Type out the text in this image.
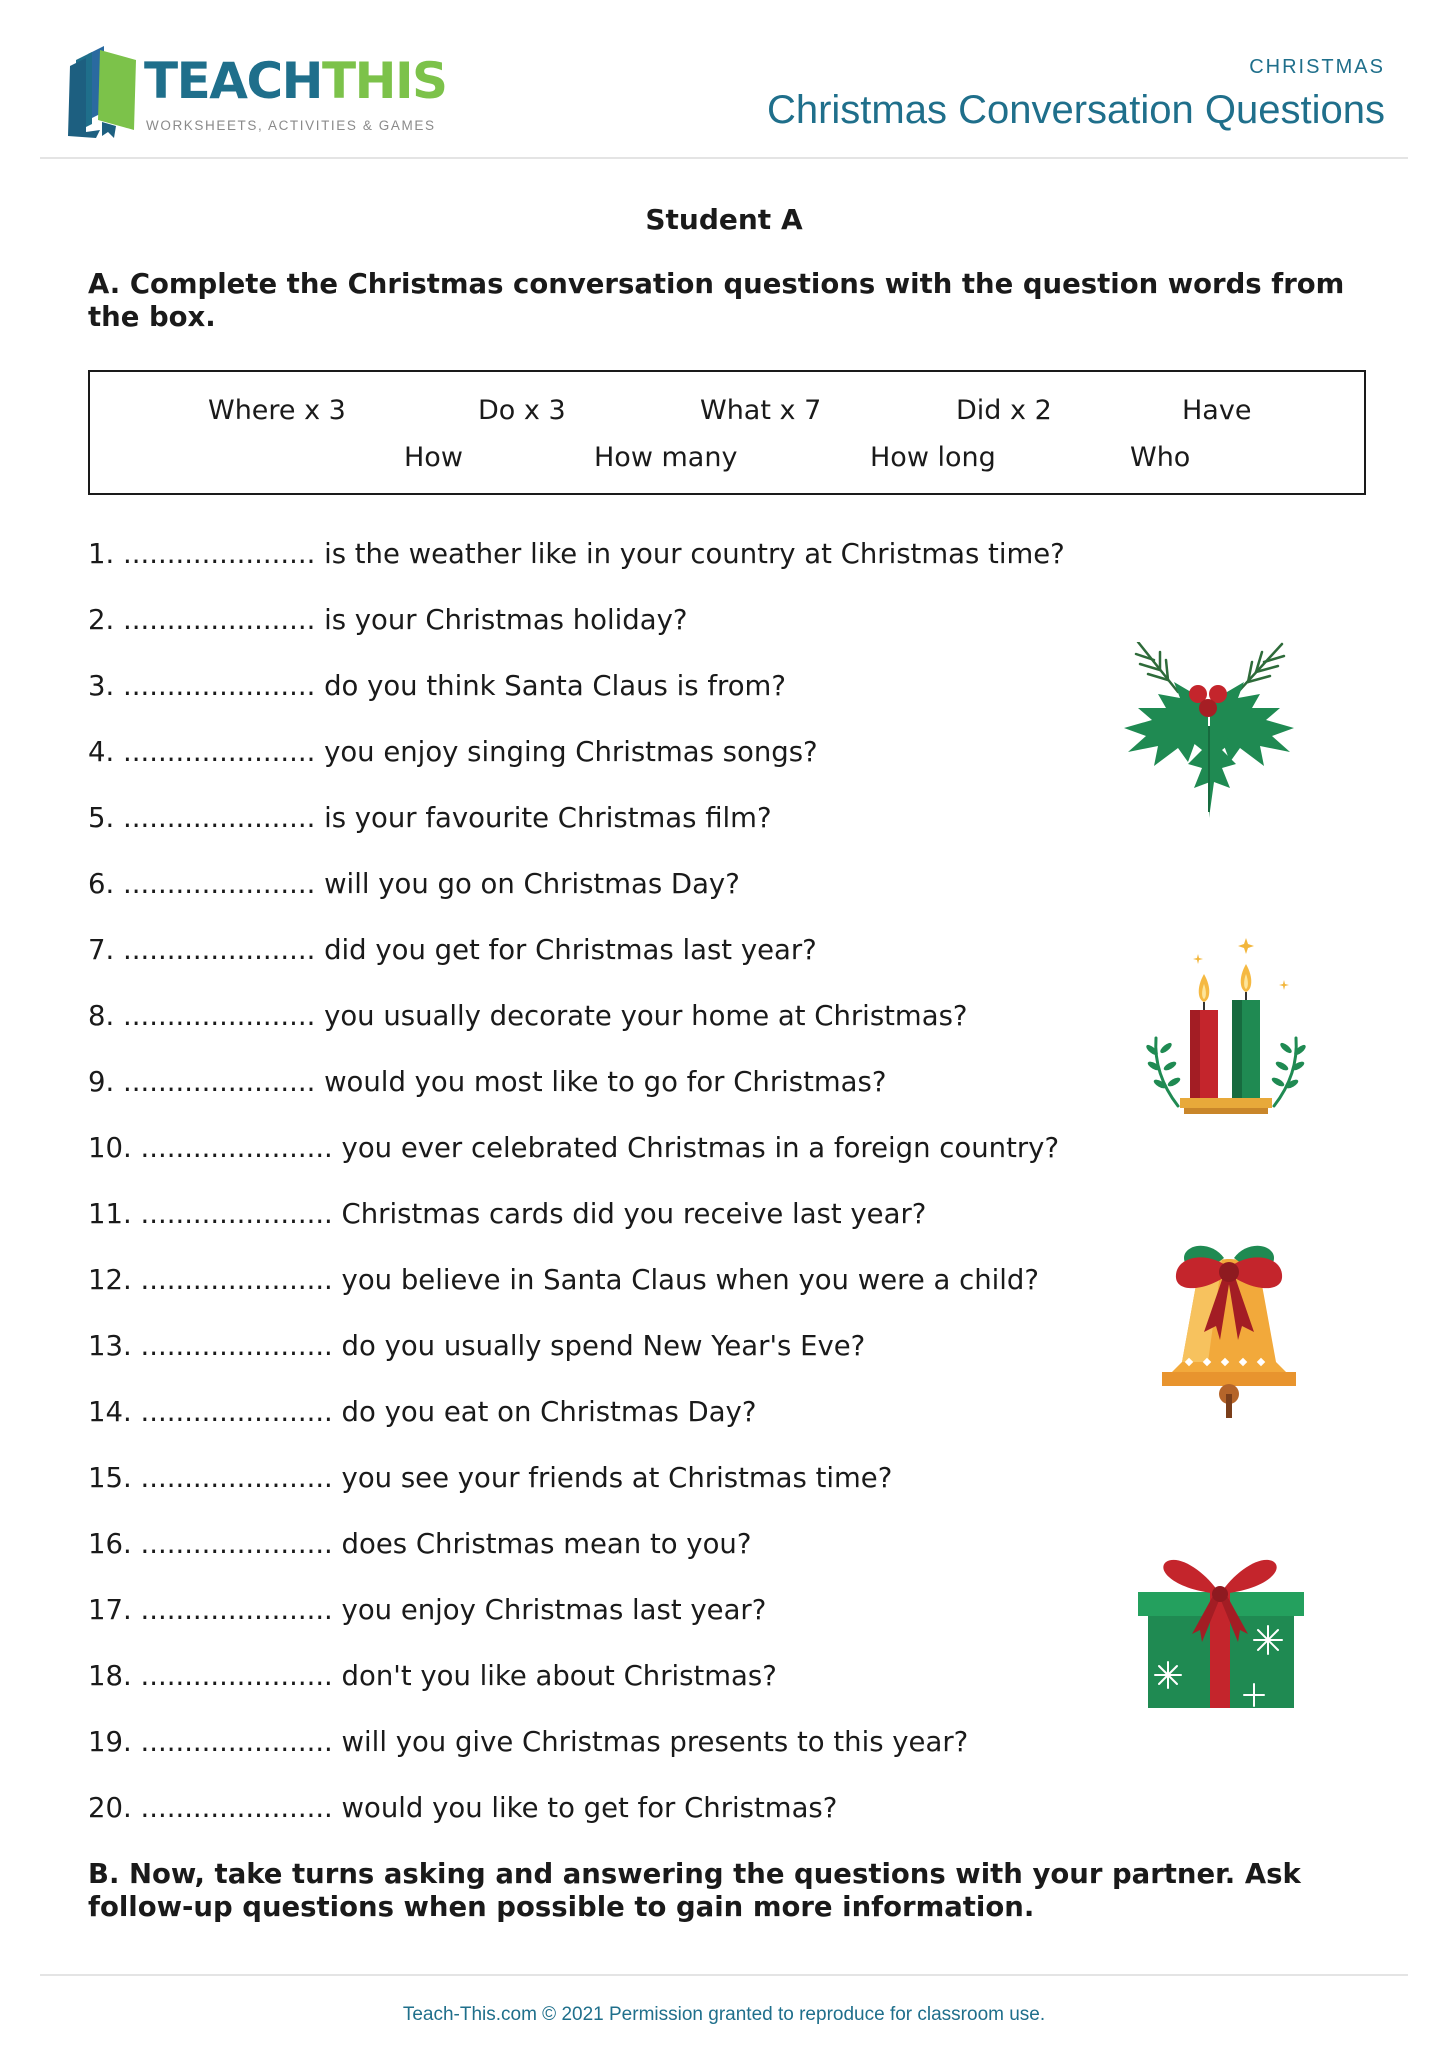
TEACHTHIS
WORKSHEETS, ACTIVITIES & GAMES
CHRISTMAS
Christmas Conversation Questions
Student A
A. Complete the Christmas conversation questions with the question words from the box.
Where x 3	Do x 3	What x 7	Did x 2	Have
How	How many	How long	Who
1. ...................... is the weather like in your country at Christmas time?
2. ...................... is your Christmas holiday?
3. ...................... do you think Santa Claus is from?
4. ...................... you enjoy singing Christmas songs?
5. ...................... is your favourite Christmas film?
6. ...................... will you go on Christmas Day?
7. ...................... did you get for Christmas last year?
8. ...................... you usually decorate your home at Christmas?
9. ...................... would you most like to go for Christmas?
10. ...................... you ever celebrated Christmas in a foreign country?
11. ...................... Christmas cards did you receive last year?
12. ...................... you believe in Santa Claus when you were a child?
13. ...................... do you usually spend New Year's Eve?
14. ...................... do you eat on Christmas Day?
15. ...................... you see your friends at Christmas time?
16. ...................... does Christmas mean to you?
17. ...................... you enjoy Christmas last year?
18. ...................... don't you like about Christmas?
19. ...................... will you give Christmas presents to this year?
20. ...................... would you like to get for Christmas?
B. Now, take turns asking and answering the questions with your partner. Ask follow-up questions when possible to gain more information.
Teach-This.com © 2021 Permission granted to reproduce for classroom use.
